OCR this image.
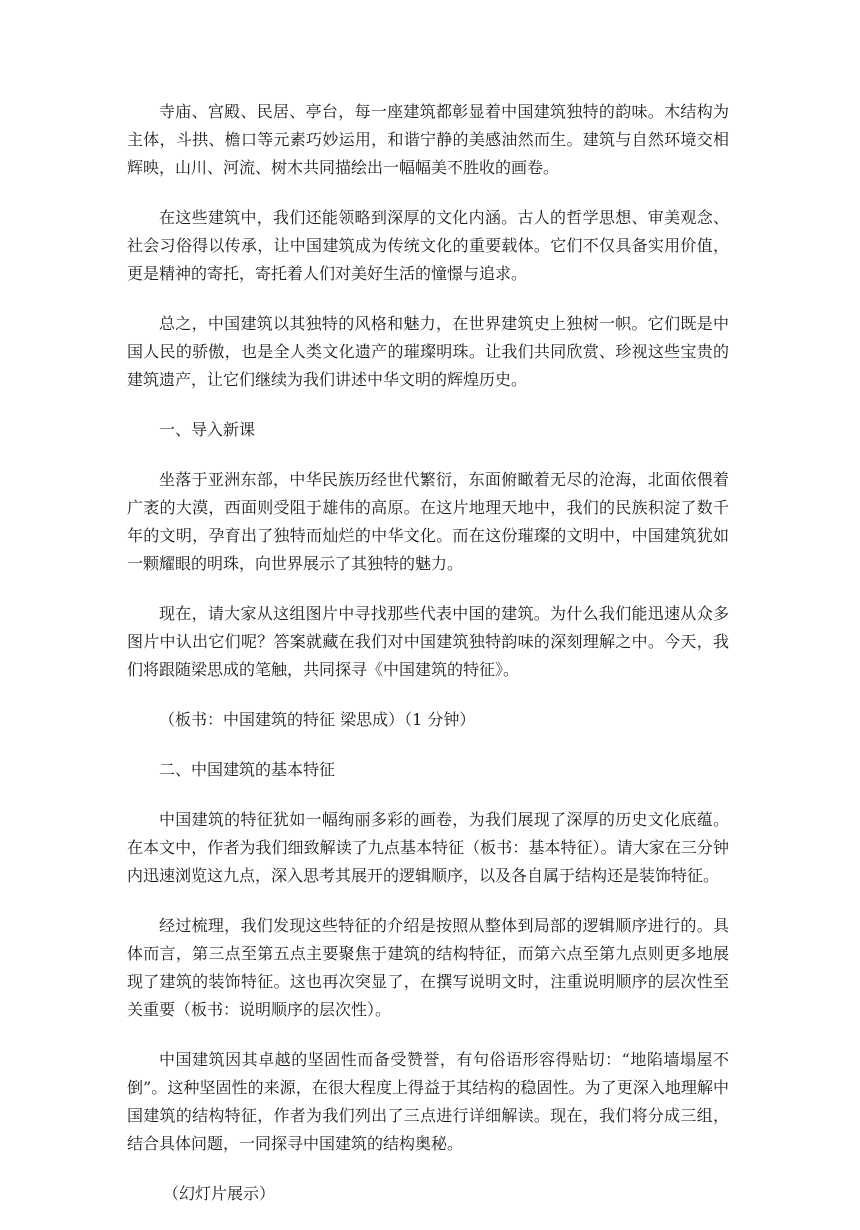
寺庙、宫殿、民居、亭台，每一座建筑都彰显着中国建筑独特的韵味。木结构为主体，斗拱、檐口等元素巧妙运用，和谐宁静的美感油然而生。建筑与自然环境交相辉映，山川、河流、树木共同描绘出一幅幅美不胜收的画卷。

在这些建筑中，我们还能领略到深厚的文化内涵。古人的哲学思想、审美观念、社会习俗得以传承，让中国建筑成为传统文化的重要载体。它们不仅具备实用价值，更是精神的寄托，寄托着人们对美好生活的憧憬与追求。

总之，中国建筑以其独特的风格和魅力，在世界建筑史上独树一帜。它们既是中国人民的骄傲，也是全人类文化遗产的璀璨明珠。让我们共同欣赏、珍视这些宝贵的建筑遗产，让它们继续为我们讲述中华文明的辉煌历史。

一、导入新课

坐落于亚洲东部，中华民族历经世代繁衍，东面俯瞰着无尽的沧海，北面依偎着广袤的大漠，西面则受阻于雄伟的高原。在这片地理天地中，我们的民族积淀了数千年的文明，孕育出了独特而灿烂的中华文化。而在这份璀璨的文明中，中国建筑犹如一颗耀眼的明珠，向世界展示了其独特的魅力。

现在，请大家从这组图片中寻找那些代表中国的建筑。为什么我们能迅速从众多图片中认出它们呢？答案就藏在我们对中国建筑独特韵味的深刻理解之中。今天，我们将跟随梁思成的笔触，共同探寻《中国建筑的特征》。

（板书：中国建筑的特征 梁思成）（1 分钟）

二、中国建筑的基本特征

中国建筑的特征犹如一幅绚丽多彩的画卷，为我们展现了深厚的历史文化底蕴。在本文中，作者为我们细致解读了九点基本特征（板书：基本特征）。请大家在三分钟内迅速浏览这九点，深入思考其展开的逻辑顺序，以及各自属于结构还是装饰特征。

经过梳理，我们发现这些特征的介绍是按照从整体到局部的逻辑顺序进行的。具体而言，第三点至第五点主要聚焦于建筑的结构特征，而第六点至第九点则更多地展现了建筑的装饰特征。这也再次突显了，在撰写说明文时，注重说明顺序的层次性至关重要（板书：说明顺序的层次性）。

中国建筑因其卓越的坚固性而备受赞誉，有句俗语形容得贴切：“地陷墙塌屋不倒”。这种坚固性的来源，在很大程度上得益于其结构的稳固性。为了更深入地理解中国建筑的结构特征，作者为我们列出了三点进行详细解读。现在，我们将分成三组，结合具体问题，一同探寻中国建筑的结构奥秘。

（幻灯片展示）
